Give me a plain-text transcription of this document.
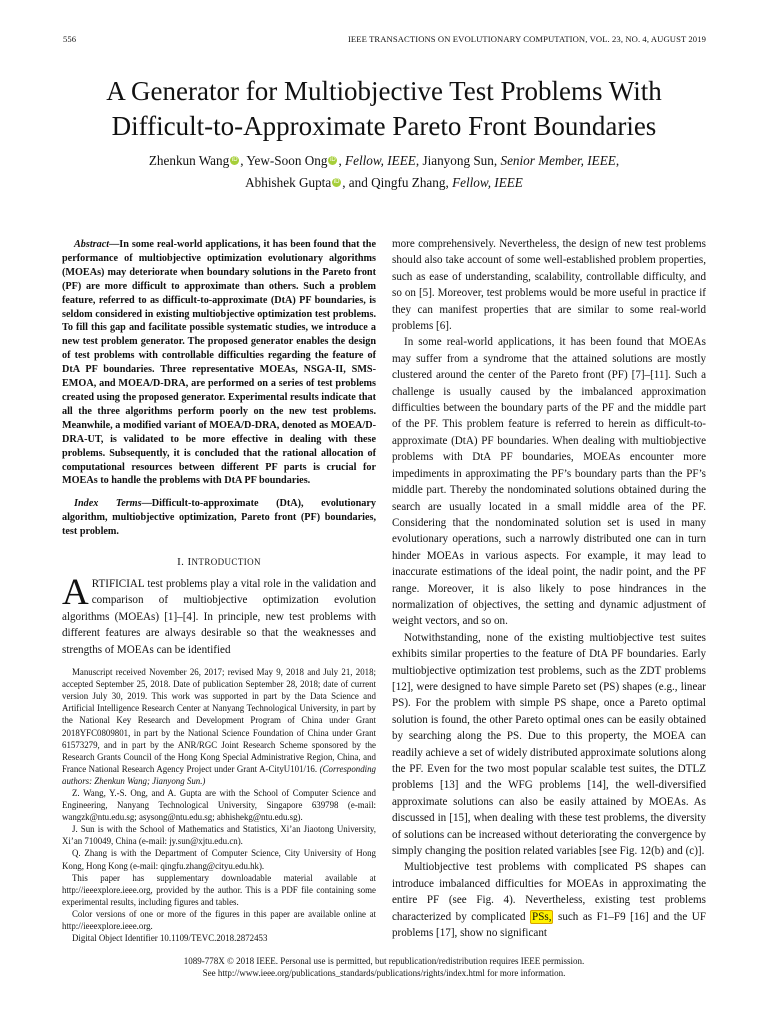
556	IEEE TRANSACTIONS ON EVOLUTIONARY COMPUTATION, VOL. 23, NO. 4, AUGUST 2019
A Generator for Multiobjective Test Problems With
Difficult-to-Approximate Pareto Front Boundaries
Zhenkun Wang iD , Yew-Soon Ong iD , Fellow, IEEE, Jianyong Sun, Senior Member, IEEE,
Abhishek Gupta iD , and Qingfu Zhang, Fellow, IEEE

Abstract—In some real-world applications, it has been found that the performance of multiobjective optimization evolutionary algorithms (MOEAs) may deteriorate when boundary solutions in the Pareto front (PF) are more difficult to approximate than others. Such a problem feature, referred to as difficult-to-approximate (DtA) PF boundaries, is seldom considered in existing multiobjective optimization test problems. To fill this gap and facilitate possible systematic studies, we introduce a new test problem generator. The proposed generator enables the design of test problems with controllable difficulties regarding the feature of DtA PF boundaries. Three representative MOEAs, NSGA-II, SMS-EMOA, and MOEA/D-DRA, are performed on a series of test problems created using the proposed generator. Experimental results indicate that all the three algorithms perform poorly on the new test problems. Meanwhile, a modified variant of MOEA/D-DRA, denoted as MOEA/D-DRA-UT, is validated to be more effective in dealing with these problems. Subsequently, it is concluded that the rational allocation of computational resources between different PF parts is crucial for MOEAs to handle the problems with DtA PF boundaries.

Index Terms—Difficult-to-approximate (DtA), evolutionary algorithm, multiobjective optimization, Pareto front (PF) boundaries, test problem.

I. INTRODUCTION

ARTIFICIAL test problems play a vital role in the validation and comparison of multiobjective optimization evolution algorithms (MOEAs) [1]–[4]. In principle, new test problems with different features are always desirable so that the weaknesses and strengths of MOEAs can be identified

Manuscript received November 26, 2017; revised May 9, 2018 and July 21, 2018; accepted September 25, 2018. Date of publication September 28, 2018; date of current version July 30, 2019. This work was supported in part by the Data Science and Artificial Intelligence Research Center at Nanyang Technological University, in part by the National Key Research and Development Program of China under Grant 2018YFC0809801, in part by the National Science Foundation of China under Grant 61573279, and in part by the ANR/RGC Joint Research Scheme sponsored by the Research Grants Council of the Hong Kong Special Administrative Region, China, and France National Research Agency Project under Grant A-CityU101/16. (Corresponding authors: Zhenkun Wang; Jianyong Sun.)

Z. Wang, Y.-S. Ong, and A. Gupta are with the School of Computer Science and Engineering, Nanyang Technological University, Singapore 639798 (e-mail: wangzk@ntu.edu.sg; asysong@ntu.edu.sg; abhishekg@ntu.edu.sg).

J. Sun is with the School of Mathematics and Statistics, Xi’an Jiaotong University, Xi’an 710049, China (e-mail: jy.sun@xjtu.edu.cn).

Q. Zhang is with the Department of Computer Science, City University of Hong Kong, Hong Kong (e-mail: qingfu.zhang@cityu.edu.hk).

This paper has supplementary downloadable material available at http://ieeexplore.ieee.org, provided by the author. This is a PDF file containing some experimental results, including figures and tables.

Color versions of one or more of the figures in this paper are available online at http://ieeexplore.ieee.org.

Digital Object Identifier 10.1109/TEVC.2018.2872453

more comprehensively. Nevertheless, the design of new test problems should also take account of some well-established problem properties, such as ease of understanding, scalability, controllable difficulty, and so on [5]. Moreover, test problems would be more useful in practice if they can manifest properties that are similar to some real-world problems [6].

In some real-world applications, it has been found that MOEAs may suffer from a syndrome that the attained solutions are mostly clustered around the center of the Pareto front (PF) [7]–[11]. Such a challenge is usually caused by the imbalanced approximation difficulties between the boundary parts of the PF and the middle part of the PF. This problem feature is referred to herein as difficult-to-approximate (DtA) PF boundaries. When dealing with multiobjective problems with DtA PF boundaries, MOEAs encounter more impediments in approximating the PF’s boundary parts than the PF’s middle part. Thereby the nondominated solutions obtained during the search are usually located in a small middle area of the PF. Considering that the nondominated solution set is used in many evolutionary operations, such a narrowly distributed one can in turn hinder MOEAs in various aspects. For example, it may lead to inaccurate estimations of the ideal point, the nadir point, and the PF range. Moreover, it is also likely to pose hindrances in the normalization of objectives, the setting and dynamic adjustment of weight vectors, and so on.

Notwithstanding, none of the existing multiobjective test suites exhibits similar properties to the feature of DtA PF boundaries. Early multiobjective optimization test problems, such as the ZDT problems [12], were designed to have simple Pareto set (PS) shapes (e.g., linear PS). For the problem with simple PS shape, once a Pareto optimal solution is found, the other Pareto optimal ones can be easily obtained by searching along the PS. Due to this property, the MOEA can readily achieve a set of widely distributed approximate solutions along the PF. Even for the two most popular scalable test suites, the DTLZ problems [13] and the WFG problems [14], the well-diversified approximate solutions can also be easily attained by MOEAs. As discussed in [15], when dealing with these test problems, the diversity of solutions can be increased without deteriorating the convergence by simply changing the position related variables [see Fig. 12(b) and (c)].

Multiobjective test problems with complicated PS shapes can introduce imbalanced difficulties for MOEAs in approximating the entire PF (see Fig. 4). Nevertheless, existing test problems characterized by complicated PSs, such as F1–F9 [16] and the UF problems [17], show no significant

1089-778X © 2018 IEEE. Personal use is permitted, but republication/redistribution requires IEEE permission.
See http://www.ieee.org/publications_standards/publications/rights/index.html for more information.
